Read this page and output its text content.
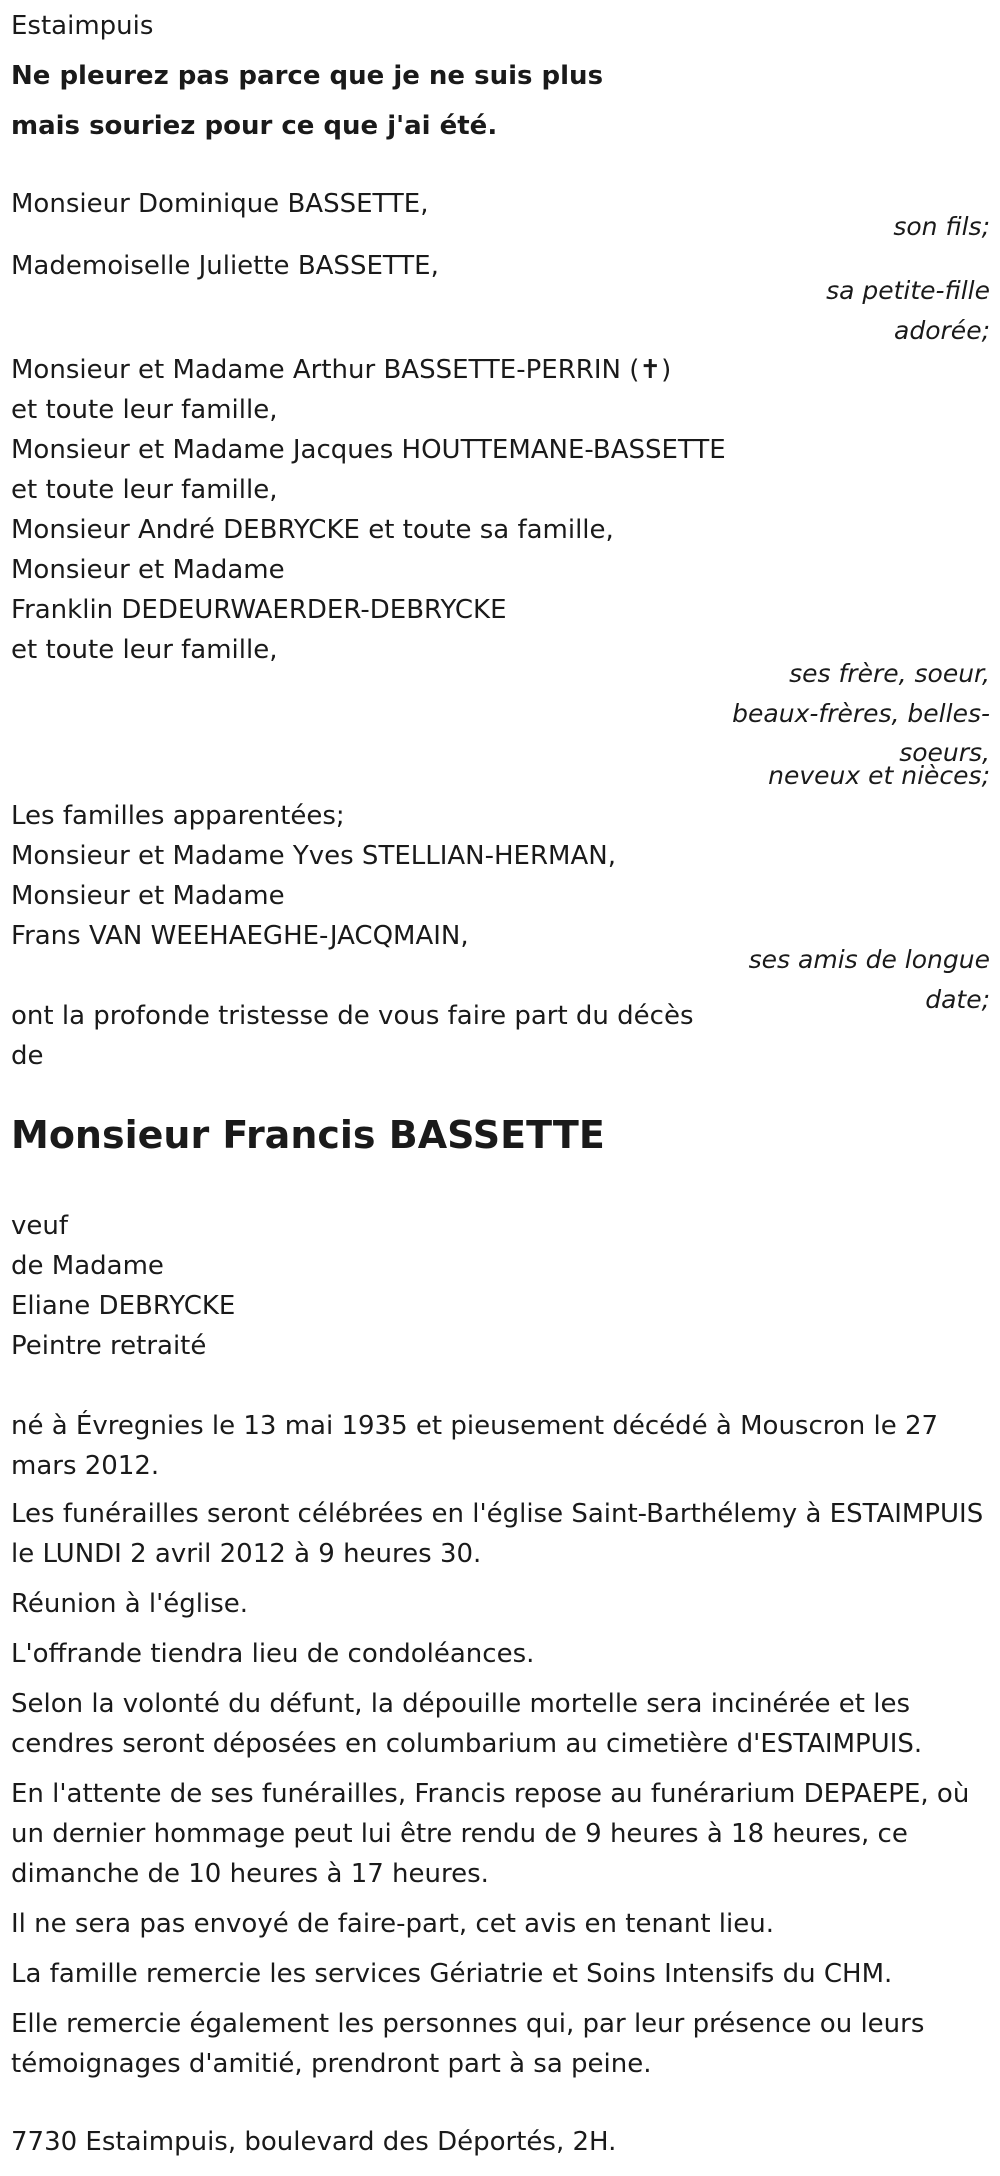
Estaimpuis

Ne pleurez pas parce que je ne suis plus

mais souriez pour ce que j'ai été.

Monsieur Dominique BASSETTE,

son fils;

Mademoiselle Juliette BASSETTE,

sa petite-fille

adorée;

Monsieur et Madame Arthur BASSETTE-PERRIN (✝)

et toute leur famille,

Monsieur et Madame Jacques HOUTTEMANE-BASSETTE

et toute leur famille,

Monsieur André DEBRYCKE et toute sa famille,

Monsieur et Madame

Franklin DEDEURWAERDER-DEBRYCKE

et toute leur famille,

ses frère, soeur,

beaux-frères, belles-

soeurs,

neveux et nièces;

Les familles apparentées;

Monsieur et Madame Yves STELLIAN-HERMAN,

Monsieur et Madame

Frans VAN WEEHAEGHE-JACQMAIN,

ses amis de longue

date;

ont la profonde tristesse de vous faire part du décès

de

Monsieur Francis BASSETTE

veuf

de Madame

Eliane DEBRYCKE

Peintre retraité

né à Évregnies le 13 mai 1935 et pieusement décédé à Mouscron le 27 mars 2012.

Les funérailles seront célébrées en l'église Saint-Barthélemy à ESTAIMPUIS le LUNDI 2 avril 2012 à 9 heures 30.

Réunion à l'église.

L'offrande tiendra lieu de condoléances.

Selon la volonté du défunt, la dépouille mortelle sera incinérée et les cendres seront déposées en columbarium au cimetière d'ESTAIMPUIS.

En l'attente de ses funérailles, Francis repose au funérarium DEPAEPE, où un dernier hommage peut lui être rendu de 9 heures à 18 heures, ce dimanche de 10 heures à 17 heures.

Il ne sera pas envoyé de faire-part, cet avis en tenant lieu.

La famille remercie les services Gériatrie et Soins Intensifs du CHM.

Elle remercie également les personnes qui, par leur présence ou leurs témoignages d'amitié, prendront part à sa peine.

7730 Estaimpuis, boulevard des Déportés, 2H.
